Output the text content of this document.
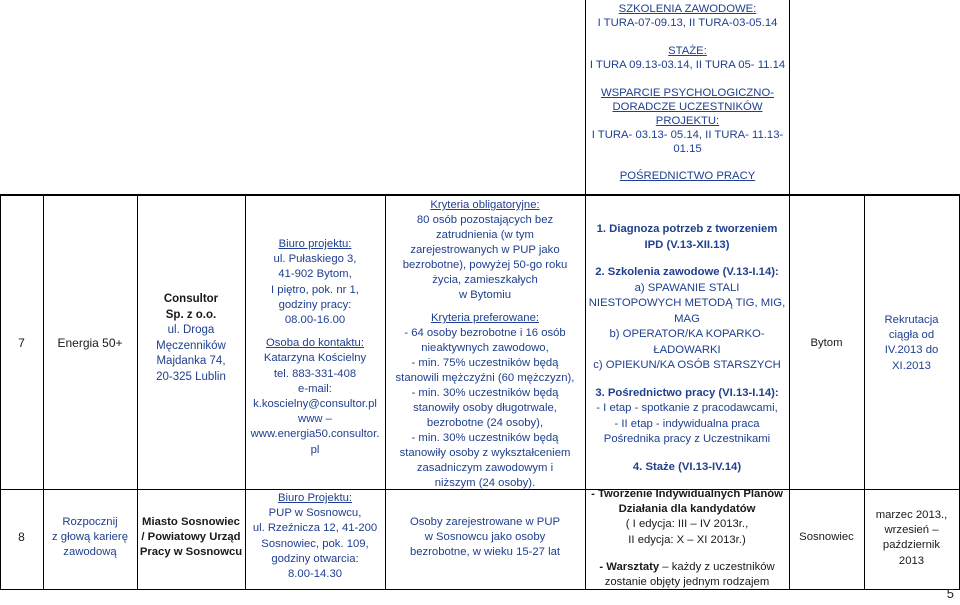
SZKOLENIA ZAWODOWE:
I TURA-07-09.13, II TURA-03-05.14
STAŻE:
I TURA 09.13-03.14, II TURA 05- 11.14
WSPARCIE PSYCHOLOGICZNO-
DORADCZE UCZESTNIKÓW
PROJEKTU:
I TURA- 03.13- 05.14, II TURA- 11.13-
01.15
POŚREDNICTWO PRACY
7	Energia 50+
Consultor
Sp. z o.o.
ul. Droga
Męczenników
Majdanka 74,
20-325 Lublin
Biuro projektu:
ul. Pułaskiego 3,
41-902 Bytom,
I piętro, pok. nr 1,
godziny pracy:
08.00-16.00
Osoba do kontaktu:
Katarzyna Kościelny
tel. 883-331-408
e-mail:
k.koscielny@consultor.pl
www –
www.energia50.consultor.
pl
Kryteria obligatoryjne:
80 osób pozostających bez
zatrudnienia (w tym
zarejestrowanych w PUP jako
bezrobotne), powyżej 50-go roku
życia, zamieszkałych
w Bytomiu
Kryteria preferowane:
- 64 osoby bezrobotne i 16 osób
nieaktywnych zawodowo,
- min. 75% uczestników będą
stanowili mężczyźni (60 mężczyzn),
- min. 30% uczestników będą
stanowiły osoby długotrwale,
bezrobotne (24 osoby),
- min. 30% uczestników będą
stanowiły osoby z wykształceniem
zasadniczym zawodowym i
niższym (24 osoby).
1. Diagnoza potrzeb z tworzeniem
IPD (V.13-XII.13)
2. Szkolenia zawodowe (V.13-I.14):
a) SPAWANIE STALI
NIESTOPOWYCH METODĄ TIG, MIG,
MAG
b) OPERATOR/KA KOPARKO-
ŁADOWARKI
c) OPIEKUN/KA OSÓB STARSZYCH
3. Pośrednictwo pracy (VI.13-I.14):
- I etap - spotkanie z pracodawcami,
- II etap - indywidualna praca
Pośrednika pracy z Uczestnikami
4. Staże (VI.13-IV.14)
Bytom
Rekrutacja
ciągła od
IV.2013 do
XI.2013
8
Rozpocznij
z głową karierę
zawodową
Miasto Sosnowiec
/ Powiatowy Urząd
Pracy w Sosnowcu
Biuro Projektu:
PUP w Sosnowcu,
ul. Rzeźnicza 12, 41-200
Sosnowiec, pok. 109,
godziny otwarcia:
8.00-14.30
Osoby zarejestrowane w PUP
w Sosnowcu jako osoby
bezrobotne, w wieku 15-27 lat
- Tworzenie Indywidualnych Planów
Działania dla kandydatów
( I edycja: III – IV 2013r.,
II edycja: X – XI 2013r.)
- Warsztaty – każdy z uczestników
zostanie objęty jednym rodzajem
Sosnowiec
marzec 2013.,
wrzesień –
październik
2013
5
